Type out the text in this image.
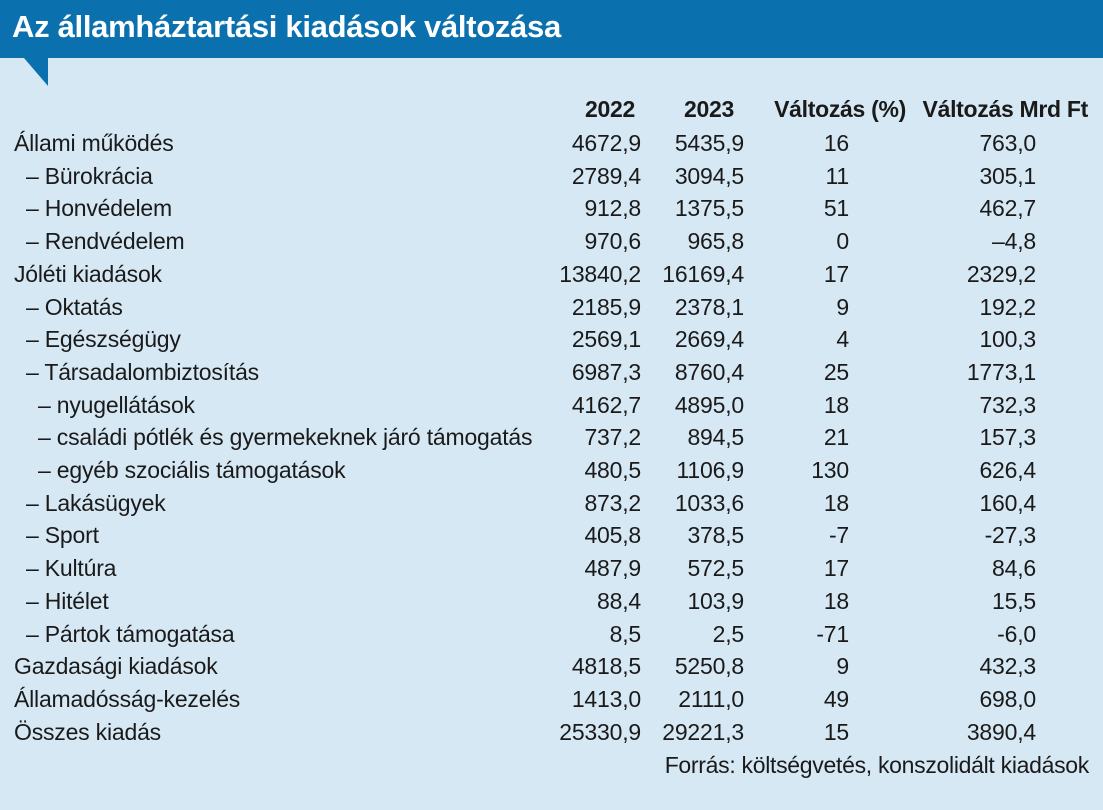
Az államháztartási kiadások változása
2022 2023 Változás (%) Változás Mrd Ft
Állami működés	4672,9 5435,9	16	763,0
– Bürokrácia	2789,4 3094,5	11	305,1
– Honvédelem	912,8 1375,5	51	462,7
– Rendvédelem	970,6 965,8	0	–4,8
Jóléti kiadások	13840,2 16169,4	17	2329,2
– Oktatás	2185,9 2378,1	9	192,2
– Egészségügy	2569,1 2669,4	4	100,3
– Társadalombiztosítás	6987,3 8760,4	25	1773,1
– nyugellátások	4162,7 4895,0	18	732,3
– családi pótlék és gyermekeknek járó támogatás 737,2 894,5	21	157,3
– egyéb szociális támogatások	480,5 1106,9	130	626,4
– Lakásügyek	873,2 1033,6	18	160,4
– Sport	405,8 378,5	-7	-27,3
– Kultúra	487,9 572,5	17	84,6
– Hitélet	88,4 103,9	18	15,5
– Pártok támogatása	8,5	2,5	-71	-6,0
Gazdasági kiadások	4818,5 5250,8	9	432,3
Államadósság-kezelés	1413,0 2111,0	49	698,0
Összes kiadás	25330,9 29221,3	15	3890,4
Forrás: költségvetés, konszolidált kiadások
